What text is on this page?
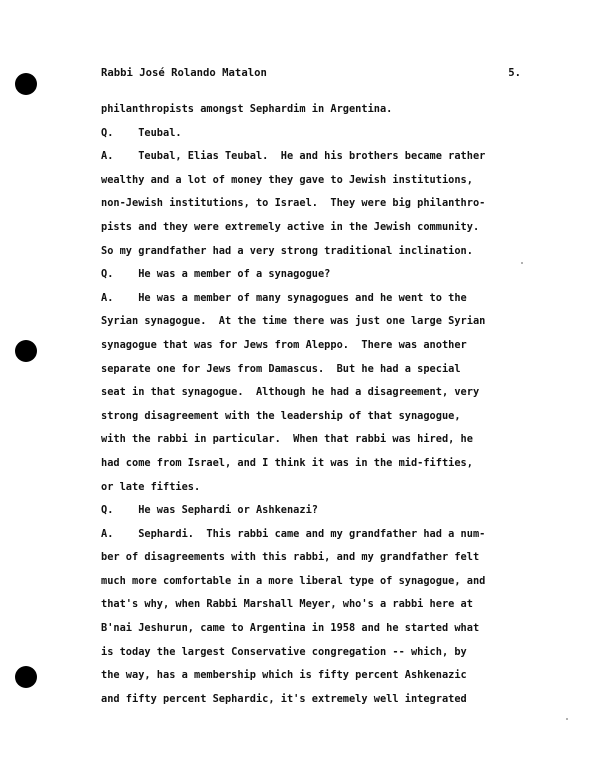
Rabbi José Rolando Matalon	5.
philanthropists amongst Sephardim in Argentina.
Q.    Teubal.
A.    Teubal, Elias Teubal.  He and his brothers became rather
wealthy and a lot of money they gave to Jewish institutions,
non-Jewish institutions, to Israel.  They were big philanthro-
pists and they were extremely active in the Jewish community.
So my grandfather had a very strong traditional inclination.
Q.    He was a member of a synagogue?
A.    He was a member of many synagogues and he went to the
Syrian synagogue.  At the time there was just one large Syrian
synagogue that was for Jews from Aleppo.  There was another
separate one for Jews from Damascus.  But he had a special
seat in that synagogue.  Although he had a disagreement, very
strong disagreement with the leadership of that synagogue,
with the rabbi in particular.  When that rabbi was hired, he
had come from Israel, and I think it was in the mid-fifties,
or late fifties.
Q.    He was Sephardi or Ashkenazi?
A.    Sephardi.  This rabbi came and my grandfather had a num-
ber of disagreements with this rabbi, and my grandfather felt
much more comfortable in a more liberal type of synagogue, and
that's why, when Rabbi Marshall Meyer, who's a rabbi here at
B'nai Jeshurun, came to Argentina in 1958 and he started what
is today the largest Conservative congregation -- which, by
the way, has a membership which is fifty percent Ashkenazic
and fifty percent Sephardic, it's extremely well integrated
